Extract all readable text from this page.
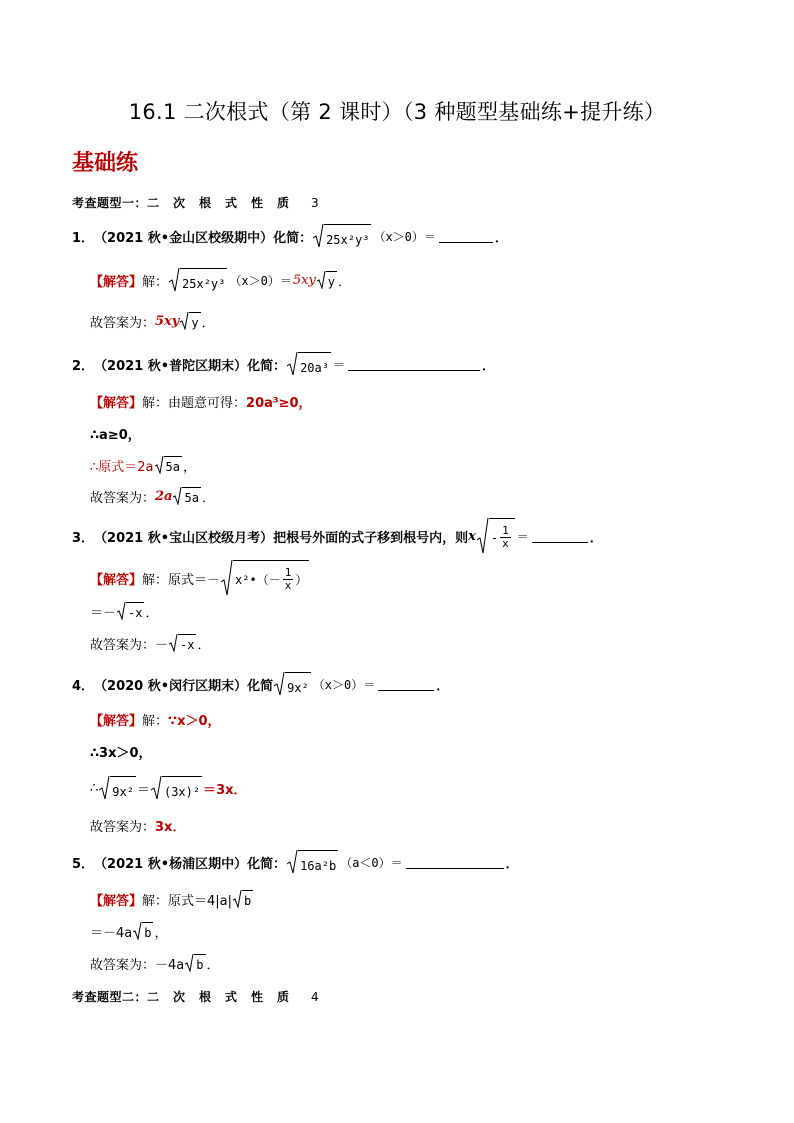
16.1 二次根式（第 2 课时）（3 种题型基础练+提升练）
基础练
考查题型一：二次根式性质 3
1． （2021 秋•金山区校级期中）化简： 25x²y³ （x＞0）＝	．
【解答】 解： 25x²y³ （x＞0）＝ 5xy y ．
故答案为： 5xy y ．
2． （2021 秋•普陀区期末）化简： 20a³ ＝	．
【解答】 解： 由题意可得： 20a³≥0，
∴a≥0，
∴原式＝2a 5a ，
故答案为： 2a 5a ．
3． （2021 秋•宝山区校级月考）把根号外面的式子移到根号内，则 x - $\frac{1}{x}$ ＝	．
【解答】 解： 原式＝－ x²•（－ $\frac{1}{x}$ ）
＝－ -x ．
故答案为： － -x ．
4． （2020 秋•闵行区期末）化简 9x² （x＞0）＝	．
【解答】 解： ∵x＞0，
∴3x＞0，
∴ 9x² ＝ (3x)² ＝3x．
故答案为： 3x．
5． （2021 秋•杨浦区期中）化简： 16a²b （a＜0）＝	．
【解答】 解： 原式＝4|a| b
＝－4a b ，
故答案为： －4a b ．
考查题型二：二次根式性质 4
